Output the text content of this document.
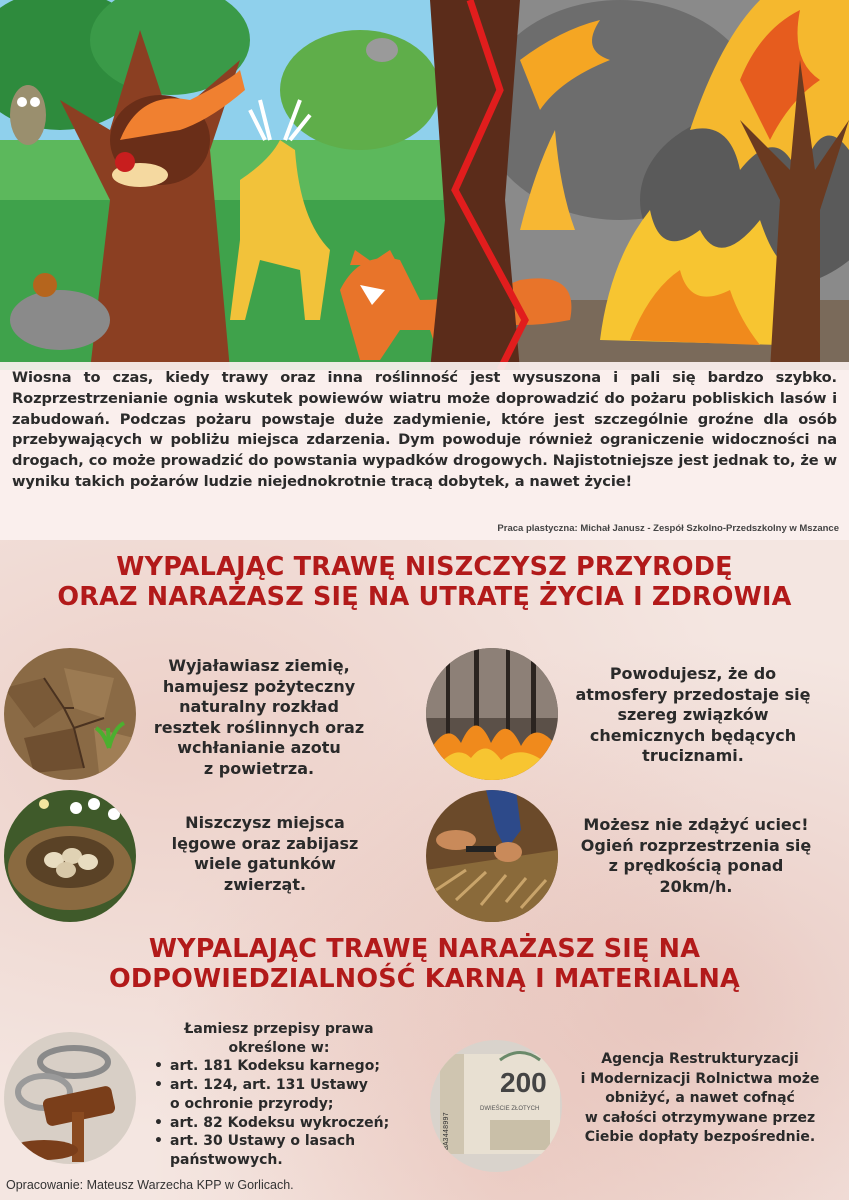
Wiosna to czas, kiedy trawy oraz inna roślinność jest wysuszona i pali się bardzo szybko. Rozprzestrzenianie ognia wskutek powiewów wiatru może doprowadzić do pożaru pobliskich lasów i zabudowań. Podczas pożaru powstaje duże zadymienie, które jest szczególnie groźne dla osób przebywających w pobliżu miejsca zdarzenia. Dym powoduje również ograniczenie widoczności na drogach, co może prowadzić do powstania wypadków drogowych. Najistotniejsze jest jednak to, że w wyniku takich pożarów ludzie niejednokrotnie tracą dobytek, a nawet życie!

Praca plastyczna: Michał Janusz - Zespół Szkolno-Przedszkolny w Mszance
WYPALAJĄC TRAWĘ NISZCZYSZ PRZYRODĘ
ORAZ NARAŻASZ SIĘ NA UTRATĘ ŻYCIA I ZDROWIA
Wyjaławiasz ziemię,
hamujesz pożyteczny
naturalny rozkład
resztek roślinnych oraz
wchłanianie azotu
z powietrza.
Powodujesz, że do
atmosfery przedostaje się
szereg związków
chemicznych będących
truciznami.
Niszczysz miejsca
lęgowe oraz zabijasz
wiele gatunków
zwierząt.
Możesz nie zdążyć uciec!
Ogień rozprzestrzenia się
z prędkością ponad
20km/h.
WYPALAJĄC TRAWĘ NARAŻASZ SIĘ NA
ODPOWIEDZIALNOŚĆ KARNĄ I MATERIALNĄ
Łamiesz przepisy prawa
określone w:
• art. 181 Kodeksu karnego;
• art. 124, art. 131 Ustawy
o ochronie przyrody;
• art. 82 Kodeksu wykroczeń;
• art. 30 Ustawy o lasach
państwowych.
200
DWIEŚCIE ZŁOTYCH
BA3448997
Agencja Restrukturyzacji
i Modernizacji Rolnictwa może
obniżyć, a nawet cofnąć
w całości otrzymywane przez
Ciebie dopłaty bezpośrednie.
Opracowanie: Mateusz Warzecha KPP w Gorlicach.
